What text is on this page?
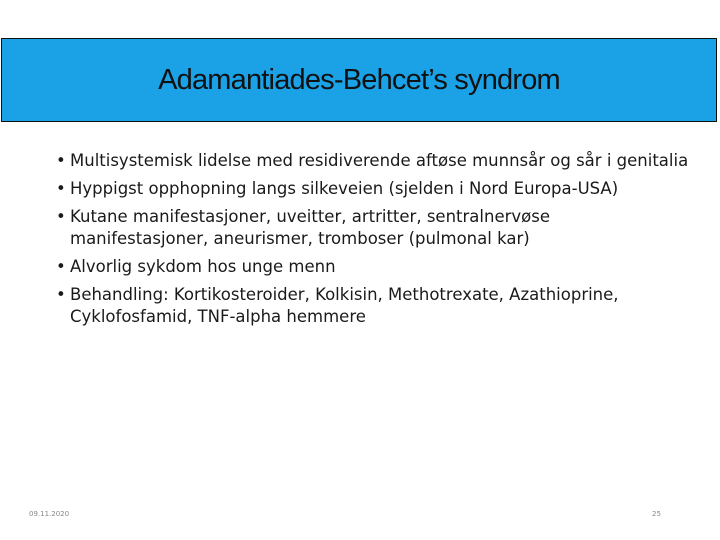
Adamantiades-Behcet’s syndrom
• Multisystemisk lidelse med residiverende aftøse munnsår og sår i genitalia
• Hyppigst opphopning langs silkeveien (sjelden i Nord Europa-USA)
• Kutane manifestasjoner, uveitter, artritter, sentralnervøse manifestasjoner, aneurismer, tromboser (pulmonal kar)
• Alvorlig sykdom hos unge menn
• Behandling: Kortikosteroider, Kolkisin, Methotrexate, Azathioprine, Cyklofosfamid, TNF-alpha hemmere
09.11.2020	25
